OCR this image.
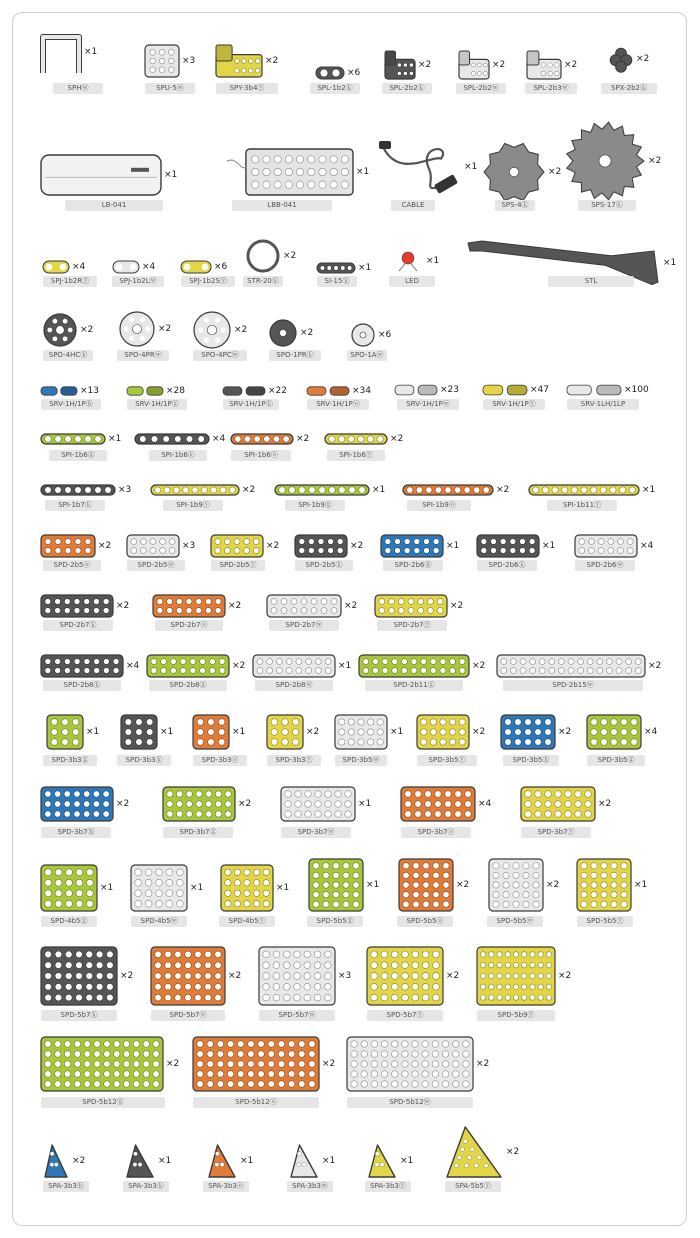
×1
SPHⓦ
×3
SPU-5ⓦ
×2
SPY-3b4ⓨ
×6
SPL-1b2ⓚ
×2
SPL-2b2ⓚ
×2
SPL-2b2ⓦ
×2
SPL-2b3ⓦ
×2
SPX-2b2ⓚ
×1
LB-041
×1
LBB-041
×1
CABLE
×2
SPS-4ⓚ
×2
SPS-17ⓚ
×4
SPJ-1b2Rⓨ
×4
SPJ-1b2Lⓦ
×6
SPJ-1b2Sⓨ
×2
STR-20ⓚ
×1
SI-15ⓚ
×1
LED
×1
STL
×2
SPO-4HCⓚ
×2
SPO-4PRⓦ
×2
SPO-4PCⓦ
×2
SPO-1PRⓚ
×6
SPO-1Aⓦ
×13
SRV-1H/1Pⓑ
×28
SRV-1H/1Pⓖ
×22
SRV-1H/1Pⓚ
×34
SRV-1H/1Pⓞ
×23
SRV-1H/1Pⓦ
×47
SRV-1H/1Pⓨ
×100
SRV-1LH/1LP
×1
SPI-1b6ⓖ
×4
SPI-1b6ⓚ
×2
SPI-1b6ⓞ
×2
SPI-1b6ⓨ
×3
SPI-1b7ⓚ
×2
SPI-1b9ⓨ
×1
SPI-1b9ⓖ
×2
SPI-1b9ⓞ
×1
SPI-1b11ⓨ
×2
SPD-2b5ⓞ
×3
SPD-2b5ⓦ
×2
SPD-2b5ⓨ
×2
SPD-2b5ⓚ
×1
SPD-2b6ⓑ
×1
SPD-2b6ⓚ
×4
SPD-2b6ⓦ
×2
SPD-2b7ⓚ
×2
SPD-2b7ⓞ
×2
SPD-2b7ⓦ
×2
SPD-2b7ⓨ
×4
SPD-2b8ⓚ
×2
SPD-2b8ⓖ
×1
SPD-2b8ⓦ
×2
SPD-2b11ⓖ
×2
SPD-2b15ⓦ
×1
SPD-3b3ⓖ
×1
SPD-3b3ⓚ
×1
SPD-3b3ⓞ
×2
SPD-3b3ⓨ
×1
SPD-3b5ⓦ
×2
SPD-3b5ⓨ
×2
SPD-3b5ⓑ
×4
SPD-3b5ⓖ
×2
SPD-3b7ⓑ
×2
SPD-3b7ⓖ
×1
SPD-3b7ⓦ
×4
SPD-3b7ⓞ
×2
SPD-3b7ⓨ
×1
SPD-4b5ⓖ
×1
SPD-4b5ⓦ
×1
SPD-4b5ⓨ
×1
SPD-5b5ⓖ
×2
SPD-5b5ⓞ
×2
SPD-5b5ⓦ
×1
SPD-5b5ⓨ
×2
SPD-5b7ⓚ
×2
SPD-5b7ⓞ
×3
SPD-5b7ⓦ
×2
SPD-5b7ⓨ
×2
SPD-5b9ⓨ
×2
SPD-5b12ⓖ
×2
SPD-5b12ⓞ
×2
SPD-5b12ⓦ
×2
SPA-3b3ⓑ
×1
SPA-3b3ⓚ
×1
SPA-3b3ⓞ
×1
SPA-3b3ⓦ
×1
SPA-3b3ⓨ
×2
SPA-5b5ⓨ
